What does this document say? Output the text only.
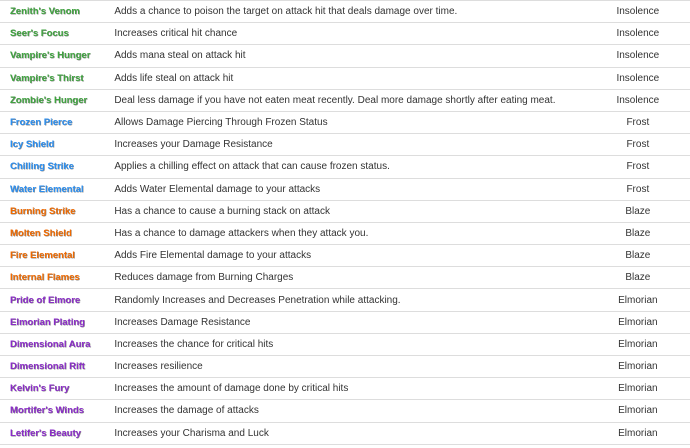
Zenith's Venom	Adds a chance to poison the target on attack hit that deals damage over time.	Insolence
Seer's Focus	Increases critical hit chance	Insolence
Vampire's Hunger	Adds mana steal on attack hit	Insolence
Vampire's Thirst	Adds life steal on attack hit	Insolence
Zombie's Hunger	Deal less damage if you have not eaten meat recently. Deal more damage shortly after eating meat.	Insolence
Frozen Pierce	Allows Damage Piercing Through Frozen Status	Frost
Icy Shield	Increases your Damage Resistance	Frost
Chilling Strike	Applies a chilling effect on attack that can cause frozen status.	Frost
Water Elemental	Adds Water Elemental damage to your attacks	Frost
Burning Strike	Has a chance to cause a burning stack on attack	Blaze
Molten Shield	Has a chance to damage attackers when they attack you.	Blaze
Fire Elemental	Adds Fire Elemental damage to your attacks	Blaze
Internal Flames	Reduces damage from Burning Charges	Blaze
Pride of Elmore	Randomly Increases and Decreases Penetration while attacking.	Elmorian
Elmorian Plating	Increases Damage Resistance	Elmorian
Dimensional Aura	Increases the chance for critical hits	Elmorian
Dimensional Rift	Increases resilience	Elmorian
Kelvin's Fury	Increases the amount of damage done by critical hits	Elmorian
Mortifer's Winds	Increases the damage of attacks	Elmorian
Letifer's Beauty	Increases your Charisma and Luck	Elmorian
